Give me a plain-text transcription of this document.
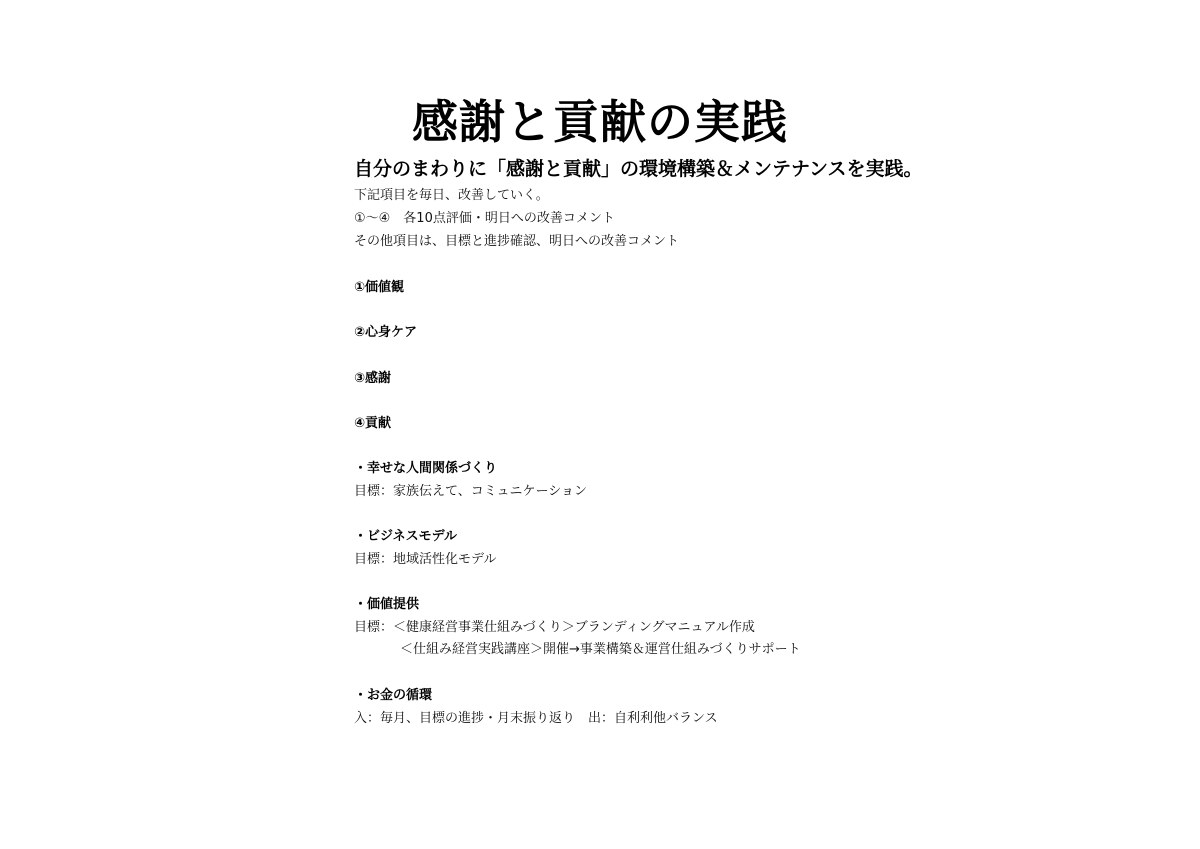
感謝と貢献の実践
自分のまわりに「感謝と貢献」の環境構築＆メンテナンスを実践。
下記項目を毎日、改善していく。
①～④　各10点評価・明日への改善コメント
その他項目は、目標と進捗確認、明日への改善コメント
①価値観
②心身ケア
③感謝
④貢献
・幸せな人間関係づくり
目標：家族伝えて、コミュニケーション
・ビジネスモデル
目標：地域活性化モデル
・価値提供
目標：＜健康経営事業仕組みづくり＞ブランディングマニュアル作成
＜仕組み経営実践講座＞開催→事業構築＆運営仕組みづくりサポート
・お金の循環
入：毎月、目標の進捗・月末振り返り　出：自利利他バランス
